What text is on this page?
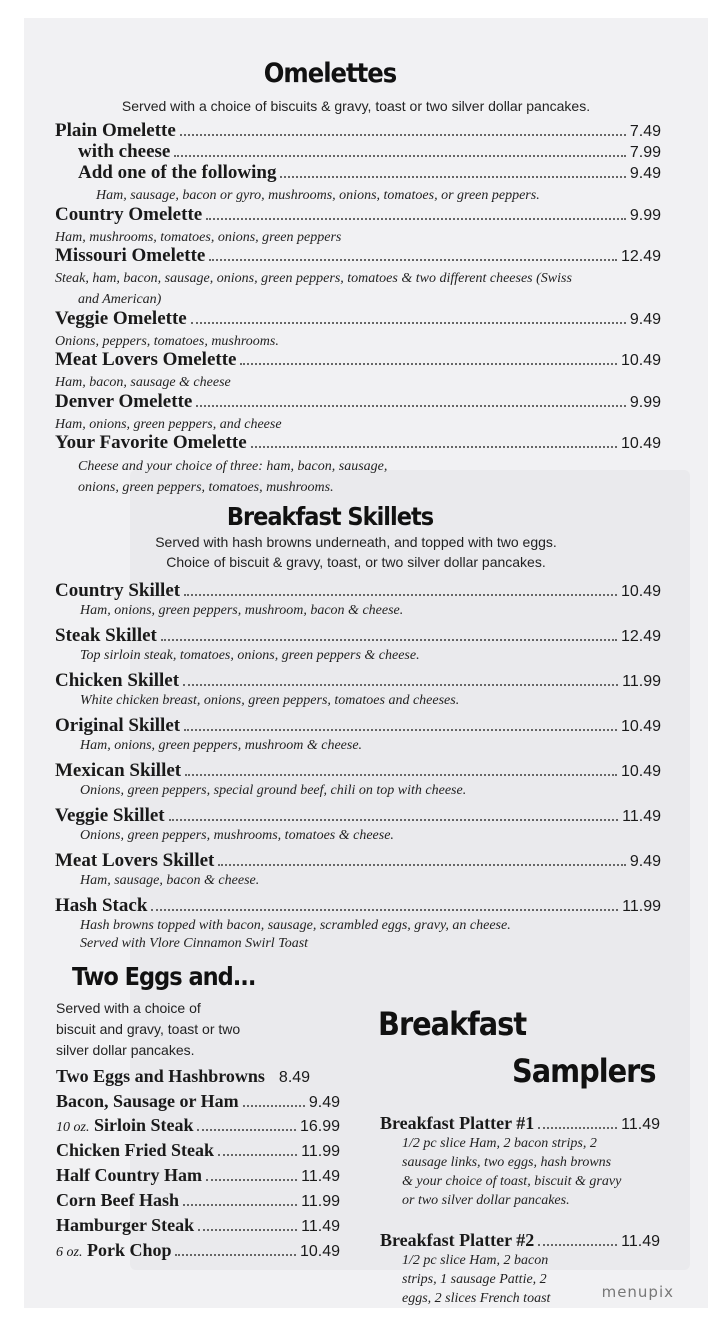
Omelettes
Served with a choice of biscuits & gravy, toast or two silver dollar pancakes.
Plain Omelette	7.49
with cheese	7.99
Add one of the following	9.49
Ham, sausage, bacon or gyro, mushrooms, onions, tomatoes, or green peppers.
Country Omelette	9.99
Ham, mushrooms, tomatoes, onions, green peppers
Missouri Omelette	12.49
Steak, ham, bacon, sausage, onions, green peppers, tomatoes & two different cheeses (Swiss
and American)
Veggie Omelette	9.49
Onions, peppers, tomatoes, mushrooms.
Meat Lovers Omelette	10.49
Ham, bacon, sausage & cheese
Denver Omelette	9.99
Ham, onions, green peppers, and cheese
Your Favorite Omelette	10.49
Cheese and your choice of three: ham, bacon, sausage,
onions, green peppers, tomatoes, mushrooms.
Breakfast Skillets
Served with hash browns underneath, and topped with two eggs.
Choice of biscuit & gravy, toast, or two silver dollar pancakes.
Country Skillet	10.49
Ham, onions, green peppers, mushroom, bacon & cheese.
Steak Skillet	12.49
Top sirloin steak, tomatoes, onions, green peppers & cheese.
Chicken Skillet	11.99
White chicken breast, onions, green peppers, tomatoes and cheeses.
Original Skillet	10.49
Ham, onions, green peppers, mushroom & cheese.
Mexican Skillet	10.49
Onions, green peppers, special ground beef, chili on top with cheese.
Veggie Skillet	11.49
Onions, green peppers, mushrooms, tomatoes & cheese.
Meat Lovers Skillet	9.49
Ham, sausage, bacon & cheese.
Hash Stack	11.99
Hash browns topped with bacon, sausage, scrambled eggs, gravy, an cheese.
Served with Vlore Cinnamon Swirl Toast
Two Eggs and...
Served with a choice of
biscuit and gravy, toast or two
silver dollar pancakes.
Two Eggs and Hashbrowns 8.49
Bacon, Sausage or Ham	9.49
10 oz. Sirloin Steak	16.99
Chicken Fried Steak	11.99
Half Country Ham	11.49
Corn Beef Hash	11.99
Hamburger Steak	11.49
6 oz. Pork Chop	10.49
Breakfast
Samplers
Breakfast Platter #1	11.49
1/2 pc slice Ham, 2 bacon strips, 2
sausage links, two eggs, hash browns
& your choice of toast, biscuit & gravy
or two silver dollar pancakes.
Breakfast Platter #2	11.49
1/2 pc slice Ham, 2 bacon
strips, 1 sausage Pattie, 2
eggs, 2 slices French toast	menupix
